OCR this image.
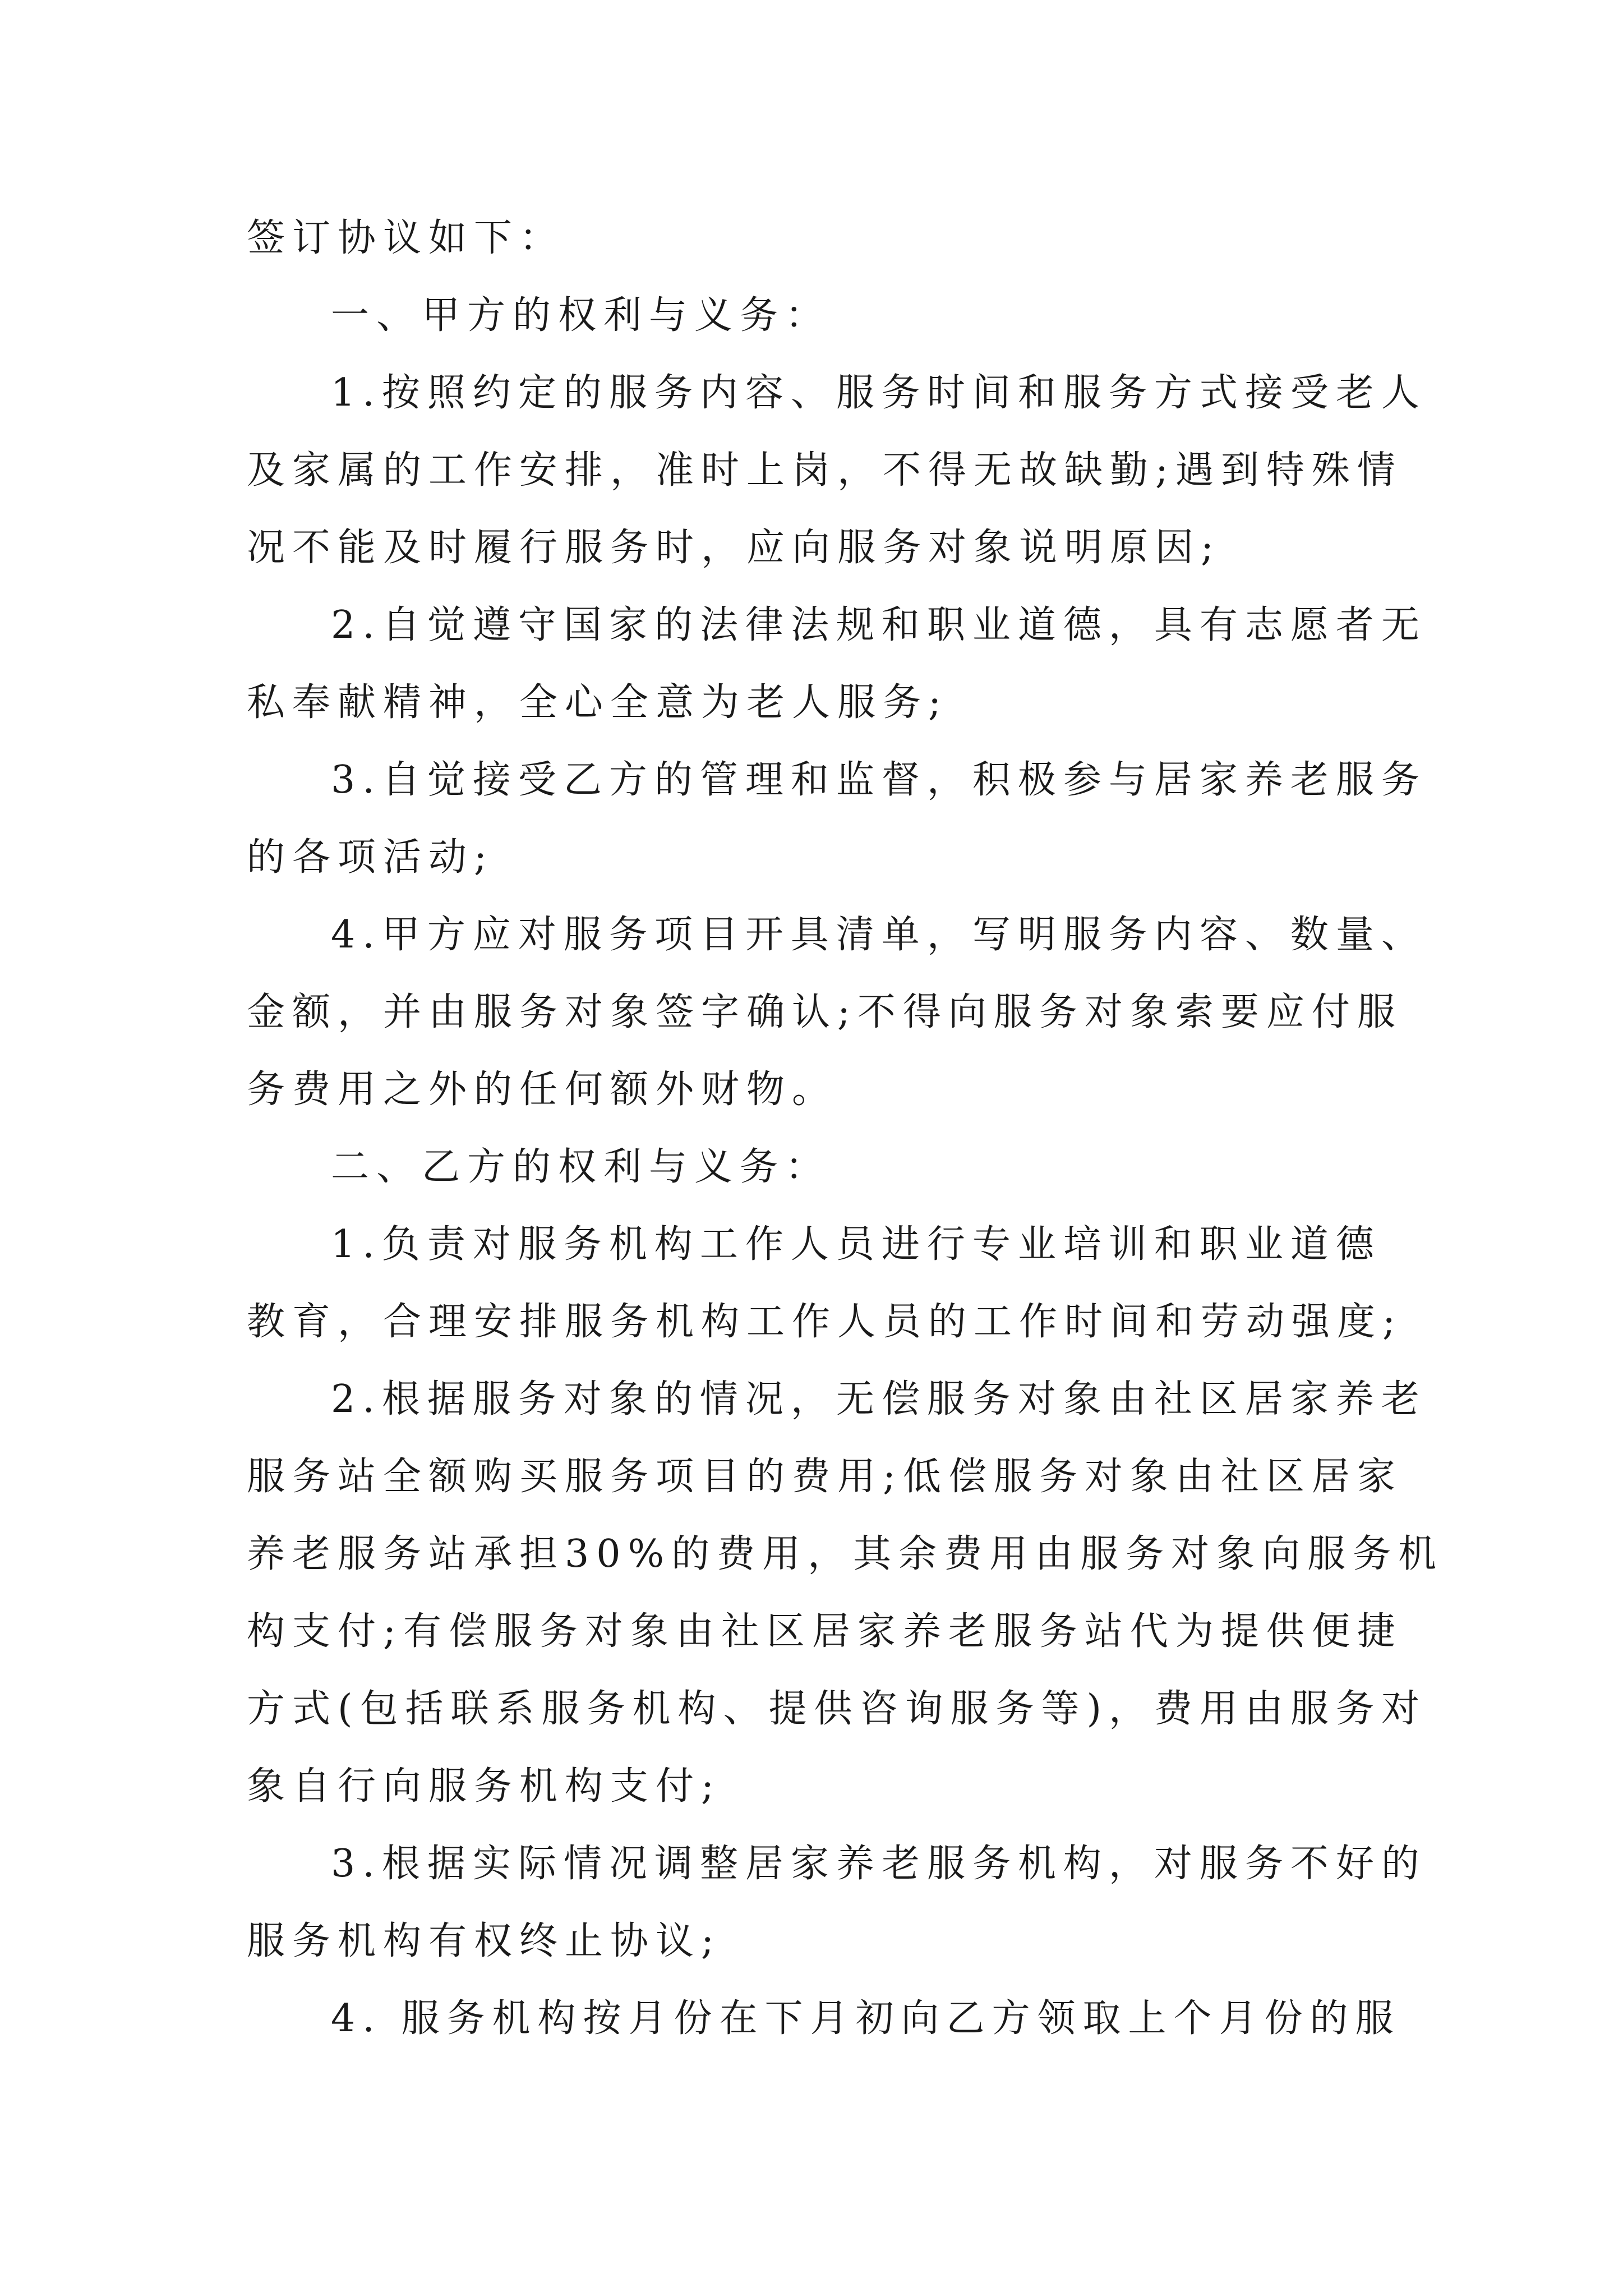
签订协议如下：
一、甲方的权利与义务：
1.按照约定的服务内容、服务时间和服务方式接受老人
及家属的工作安排，准时上岗，不得无故缺勤;遇到特殊情
况不能及时履行服务时，应向服务对象说明原因;
2.自觉遵守国家的法律法规和职业道德，具有志愿者无
私奉献精神，全心全意为老人服务;
3.自觉接受乙方的管理和监督，积极参与居家养老服务
的各项活动;
4.甲方应对服务项目开具清单，写明服务内容、数量、
金额，并由服务对象签字确认;不得向服务对象索要应付服
务费用之外的任何额外财物。
二、乙方的权利与义务：
1.负责对服务机构工作人员进行专业培训和职业道德
教育，合理安排服务机构工作人员的工作时间和劳动强度;
2.根据服务对象的情况，无偿服务对象由社区居家养老
服务站全额购买服务项目的费用;低偿服务对象由社区居家
养老服务站承担30%的费用，其余费用由服务对象向服务机
构支付;有偿服务对象由社区居家养老服务站代为提供便捷
方式(包括联系服务机构、提供咨询服务等)，费用由服务对
象自行向服务机构支付;
3.根据实际情况调整居家养老服务机构，对服务不好的
服务机构有权终止协议;
4. 服务机构按月份在下月初向乙方领取上个月份的服
